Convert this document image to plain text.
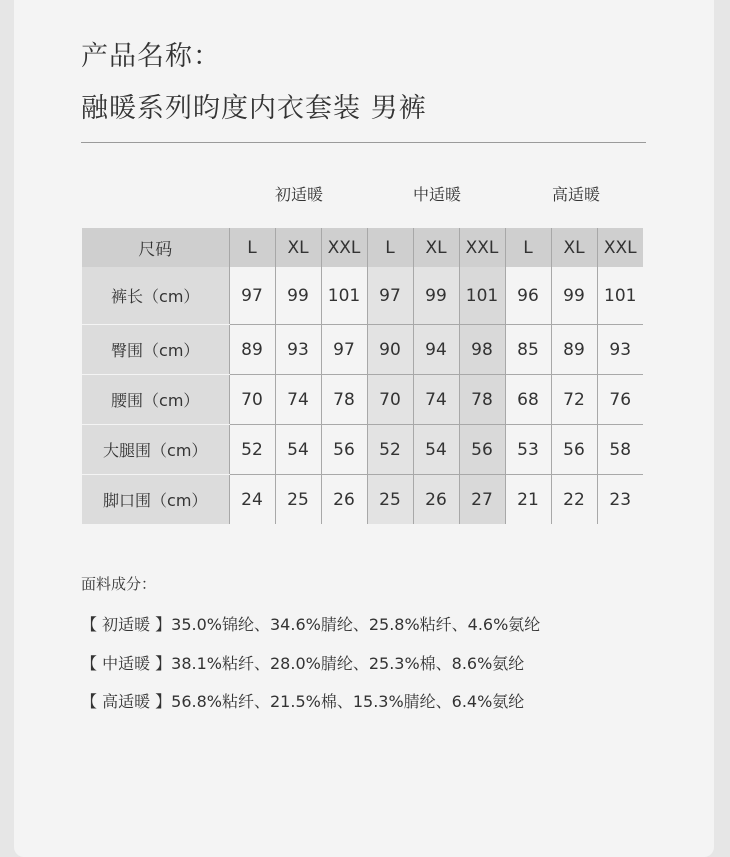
产品名称：
融暖系列昀度内衣套装 男裤
初适暖	中适暖	高适暖
尺码	L	XL	XXL	L	XL	XXL	L	XL	XXL
裤长（cm）	97	99	101	97	99	101	96	99	101
臀围（cm）	89	93	97	90	94	98	85	89	93
腰围（cm）	70	74	78	70	74	78	68	72	76
大腿围（cm）	52	54	56	52	54	56	53	56	58
脚口围（cm）	24	25	26	25	26	27	21	22	23
面料成分：
【 初适暖 】35.0%锦纶、34.6%腈纶、25.8%粘纤、4.6%氨纶
【 中适暖 】38.1%粘纤、28.0%腈纶、25.3%棉、8.6%氨纶
【 高适暖 】56.8%粘纤、21.5%棉、15.3%腈纶、6.4%氨纶
